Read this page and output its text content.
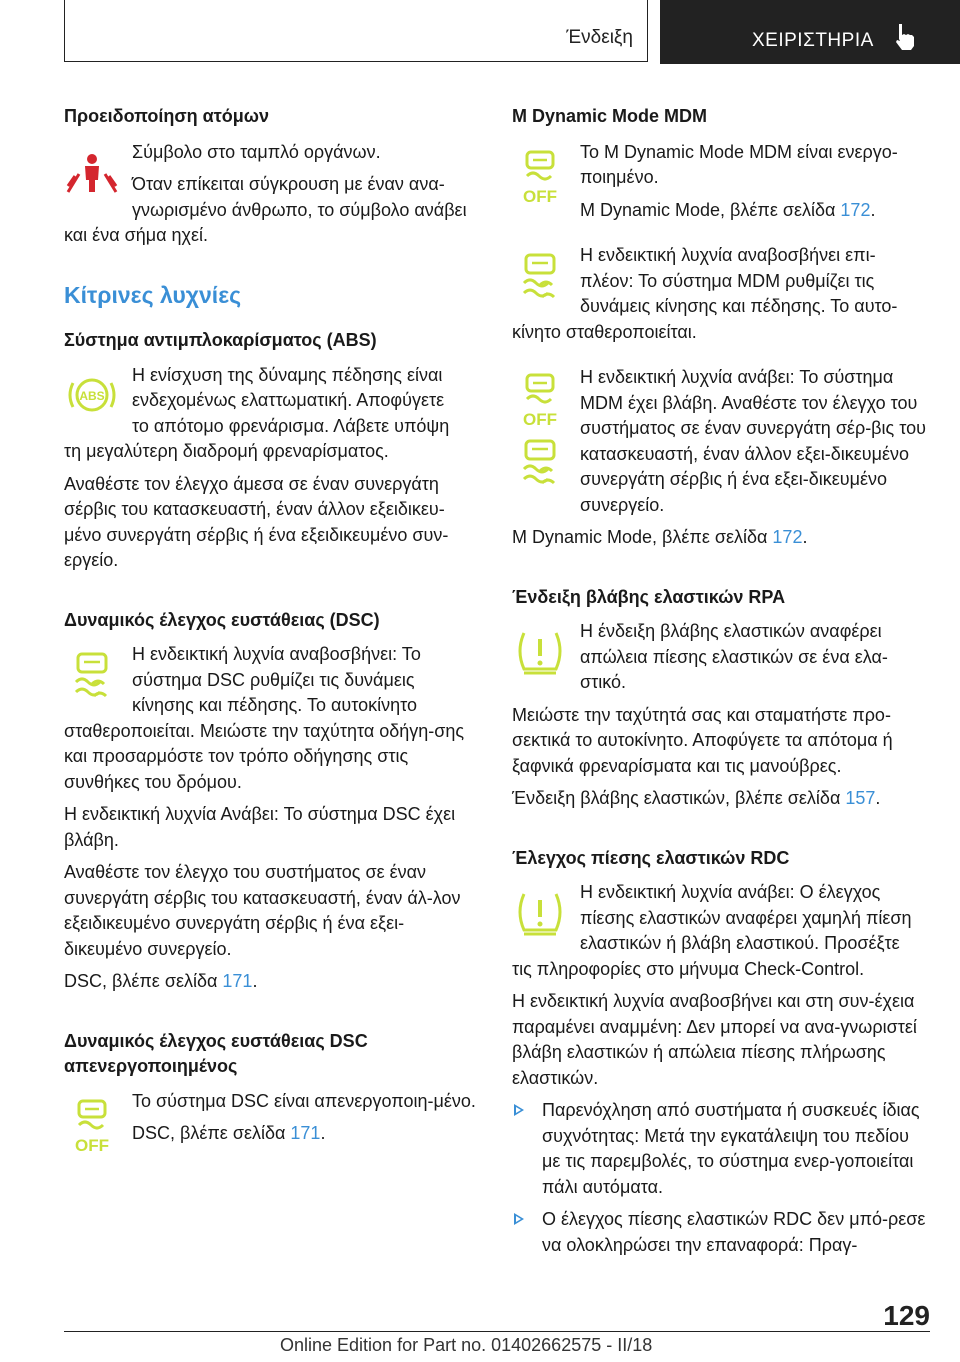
Ένδειξη	ΧΕΙΡΙΣΤΗΡΙΑ
Προειδοποίηση ατόμων

Σύμβολο στο ταμπλό οργάνων.

Όταν επίκειται σύγκρουση με έναν ανα-

γνωρισμένο άνθρωπο, το σύμβολο ανάβει

και ένα σήμα ηχεί.

Κίτρινες λυχνίες
Σύστημα αντιμπλοκαρίσματος (ABS)
ABS

Η ενίσχυση της δύναμης πέδησης είναι

ενδεχομένως ελαττωματική. Αποφύγετε

το απότομο φρενάρισμα. Λάβετε υπόψη

τη μεγαλύτερη διαδρομή φρεναρίσματος.

Αναθέστε τον έλεγχο άμεσα σε έναν συνεργάτη σέρβις του κατασκευαστή, έναν άλλον εξειδικευ-μένο συνεργάτη σέρβις ή ένα εξειδικευμένο συν-εργείο.

Δυναμικός έλεγχος ευστάθειας (DSC)

Η ενδεικτική λυχνία αναβοσβήνει: Το

σύστημα DSC ρυθμίζει τις δυνάμεις

κίνησης και πέδησης. Το αυτοκίνητο

σταθεροποιείται. Μειώστε την ταχύτητα οδήγη-σης και προσαρμόστε τον τρόπο οδήγησης στις συνθήκες του δρόμου.

Η ενδεικτική λυχνία Ανάβει: Το σύστημα DSC έχει βλάβη.

Αναθέστε τον έλεγχο του συστήματος σε έναν συνεργάτη σέρβις του κατασκευαστή, έναν άλ-λον εξειδικευμένο συνεργάτη σέρβις ή ένα εξει-δικευμένο συνεργείο.

DSC, βλέπε σελίδα 171.

Δυναμικός έλεγχος ευστάθειας DSC απενεργοποιημένος
OFF

Το σύστημα DSC είναι απενεργοποιη-μένο.

DSC, βλέπε σελίδα 171.

M Dynamic Mode MDM
OFF

Το M Dynamic Mode MDM είναι ενεργο-ποιημένο.

M Dynamic Mode, βλέπε σελίδα 172.

Η ενδεικτική λυχνία αναβοσβήνει επι-

πλέον: Το σύστημα MDM ρυθμίζει τις

δυνάμεις κίνησης και πέδησης. Το αυτο-

κίνητο σταθεροποιείται.

OFF

Η ενδεικτική λυχνία ανάβει: Το σύστημα MDM έχει βλάβη. Αναθέστε τον έλεγχο του συστήματος σε έναν συνεργάτη σέρ-βις του κατασκευαστή, έναν άλλον εξει-δικευμένο συνεργάτη σέρβις ή ένα εξει-δικευμένο συνεργείο.

M Dynamic Mode, βλέπε σελίδα 172.

Ένδειξη βλάβης ελαστικών RPA

Η ένδειξη βλάβης ελαστικών αναφέρει απώλεια πίεσης ελαστικών σε ένα ελα-στικό.

Μειώστε την ταχύτητά σας και σταματήστε προ-σεκτικά το αυτοκίνητο. Αποφύγετε τα απότομα ή ξαφνικά φρεναρίσματα και τις μανούβρες.

Ένδειξη βλάβης ελαστικών, βλέπε σελίδα 157.

Έλεγχος πίεσης ελαστικών RDC

Η ενδεικτική λυχνία ανάβει: Ο έλεγχος

πίεσης ελαστικών αναφέρει χαμηλή πίεση

ελαστικών ή βλάβη ελαστικού. Προσέξτε

τις πληροφορίες στο μήνυμα Check-Control.

Η ενδεικτική λυχνία αναβοσβήνει και στη συν-έχεια παραμένει αναμμένη: Δεν μπορεί να ανα-γνωριστεί βλάβη ελαστικών ή απώλεια πίεσης πλήρωσης ελαστικών.

Παρενόχληση από συστήματα ή συσκευές ίδιας συχνότητας: Μετά την εγκατάλειψη του πεδίου με τις παρεμβολές, το σύστημα ενερ-γοποιείται πάλι αυτόματα.

Ο έλεγχος πίεσης ελαστικών RDC δεν μπό-ρεσε να ολοκληρώσει την επαναφορά: Πραγ-

129
Online Edition for Part no. 01402662575 - II/18
